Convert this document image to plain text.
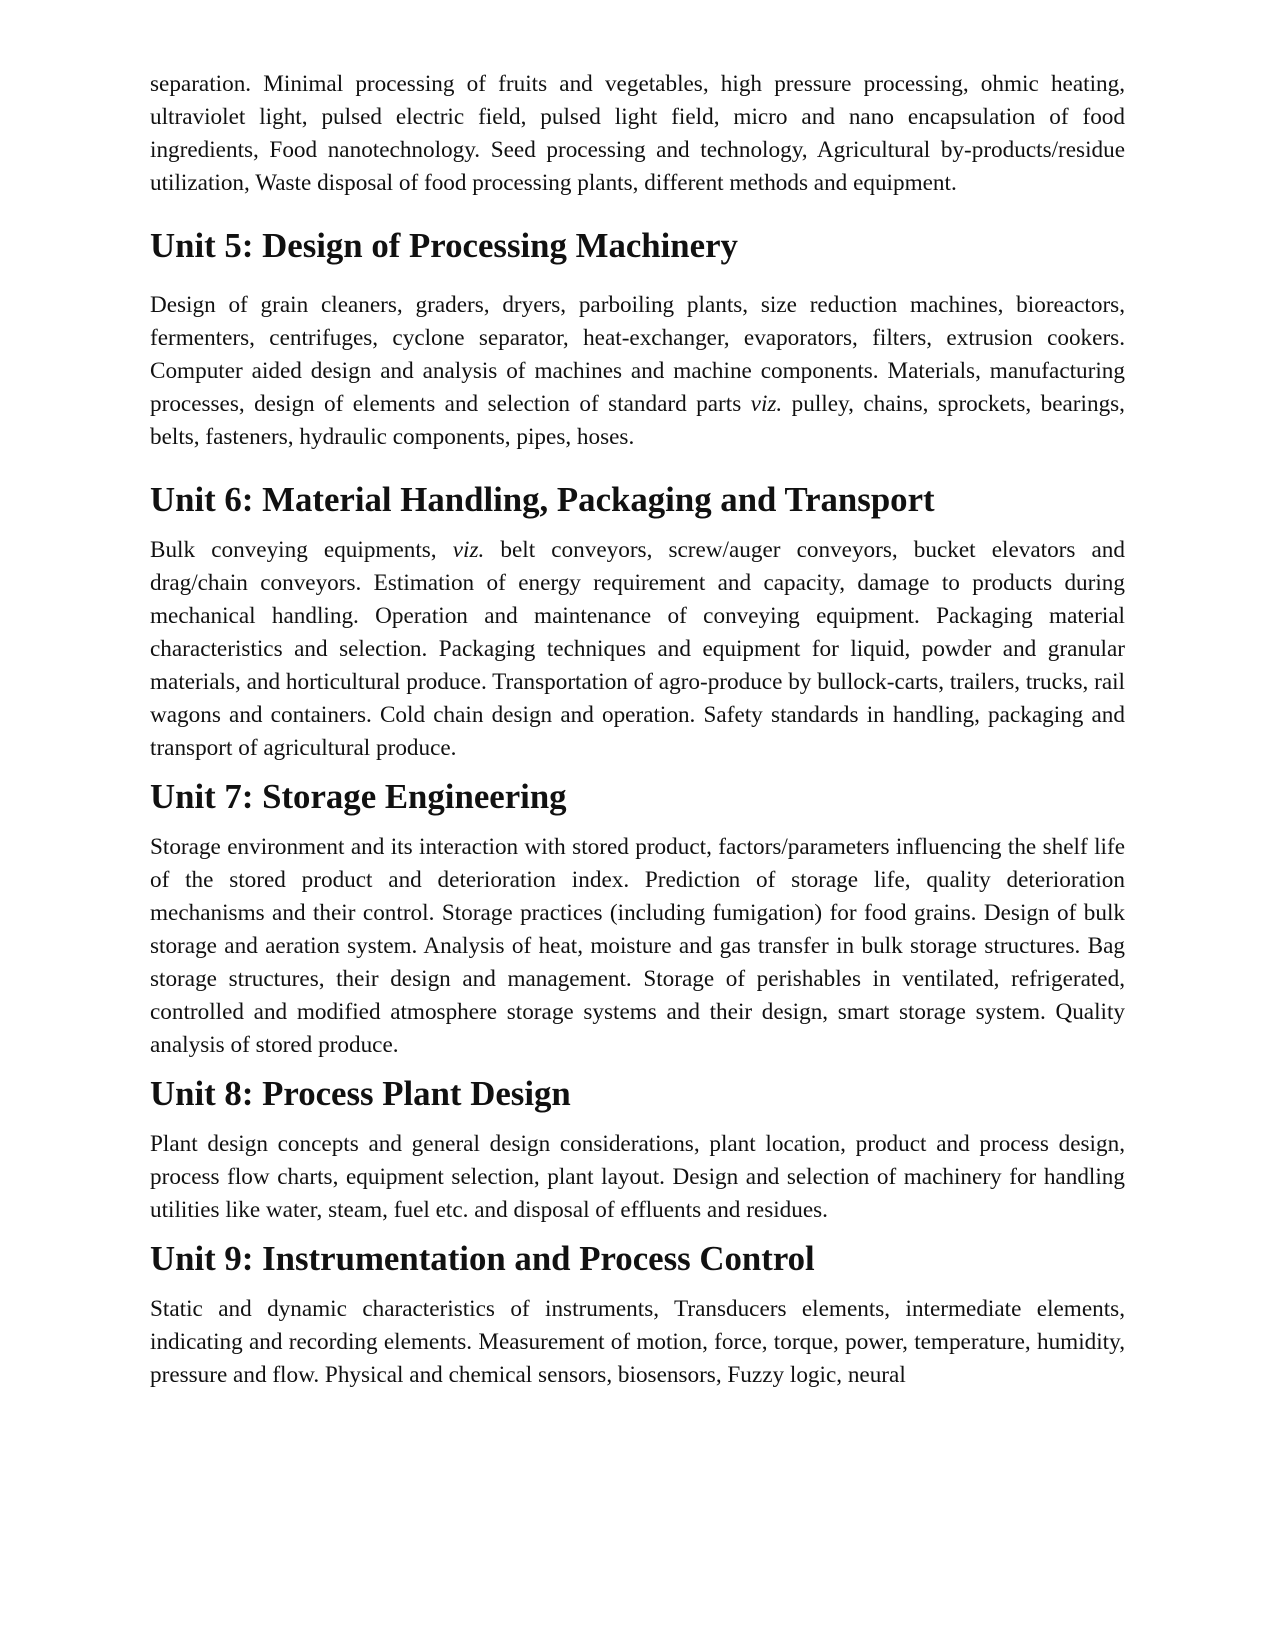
separation. Minimal processing of fruits and vegetables, high pressure processing, ohmic heating, ultraviolet light, pulsed electric field, pulsed light field, micro and nano encapsulation of food ingredients, Food nanotechnology. Seed processing and technology, Agricultural by-products/residue utilization, Waste disposal of food processing plants, different methods and equipment.

Unit 5: Design of Processing Machinery

Design of grain cleaners, graders, dryers, parboiling plants, size reduction machines, bioreactors, fermenters, centrifuges, cyclone separator, heat-exchanger, evaporators, filters, extrusion cookers. Computer aided design and analysis of machines and machine components. Materials, manufacturing processes, design of elements and selection of standard parts viz. pulley, chains, sprockets, bearings, belts, fasteners, hydraulic components, pipes, hoses.

Unit 6: Material Handling, Packaging and Transport

Bulk conveying equipments, viz. belt conveyors, screw/auger conveyors, bucket elevators and drag/chain conveyors. Estimation of energy requirement and capacity, damage to products during mechanical handling. Operation and maintenance of conveying equipment. Packaging material characteristics and selection. Packaging techniques and equipment for liquid, powder and granular materials, and horticultural produce. Transportation of agro-produce by bullock-carts, trailers, trucks, rail wagons and containers. Cold chain design and operation. Safety standards in handling, packaging and transport of agricultural produce.

Unit 7: Storage Engineering

Storage environment and its interaction with stored product, factors/parameters influencing the shelf life of the stored product and deterioration index. Prediction of storage life, quality deterioration mechanisms and their control. Storage practices (including fumigation) for food grains. Design of bulk storage and aeration system. Analysis of heat, moisture and gas transfer in bulk storage structures. Bag storage structures, their design and management. Storage of perishables in ventilated, refrigerated, controlled and modified atmosphere storage systems and their design, smart storage system. Quality analysis of stored produce.

Unit 8: Process Plant Design

Plant design concepts and general design considerations, plant location, product and process design, process flow charts, equipment selection, plant layout. Design and selection of machinery for handling utilities like water, steam, fuel etc. and disposal of effluents and residues.

Unit 9: Instrumentation and Process Control

Static and dynamic characteristics of instruments, Transducers elements, intermediate elements, indicating and recording elements. Measurement of motion, force, torque, power, temperature, humidity, pressure and flow. Physical and chemical sensors, biosensors, Fuzzy logic, neural
